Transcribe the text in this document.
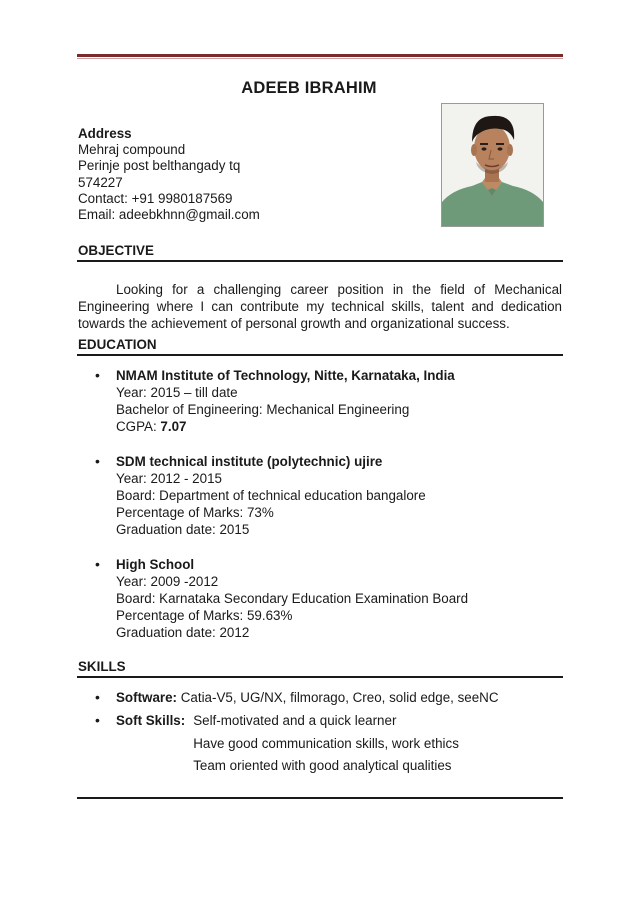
ADEEB IBRAHIM
Address
Mehraj compound
Perinje post belthangady tq
574227
Contact: +91 9980187569
Email: adeebkhnn@gmail.com
OBJECTIVE
Looking for a challenging career position in the field of Mechanical Engineering where I can contribute my technical skills, talent and dedication towards the achievement of personal growth and organizational success.
EDUCATION
•	NMAM Institute of Technology, Nitte, Karnataka, India
Year: 2015 – till date
Bachelor of Engineering: Mechanical Engineering
CGPA: 7.07
•	SDM technical institute (polytechnic) ujire
Year: 2012 - 2015
Board: Department of technical education bangalore
Percentage of Marks: 73%
Graduation date: 2015
•	High School
Year: 2009 -2012
Board: Karnataka Secondary Education Examination Board
Percentage of Marks: 59.63%
Graduation date: 2012
SKILLS
•	Software: Catia-V5, UG/NX, filmorago, Creo, solid edge, seeNC
•	Soft Skills: Self-motivated and a quick learner
Have good communication skills, work ethics
Team oriented with good analytical qualities
